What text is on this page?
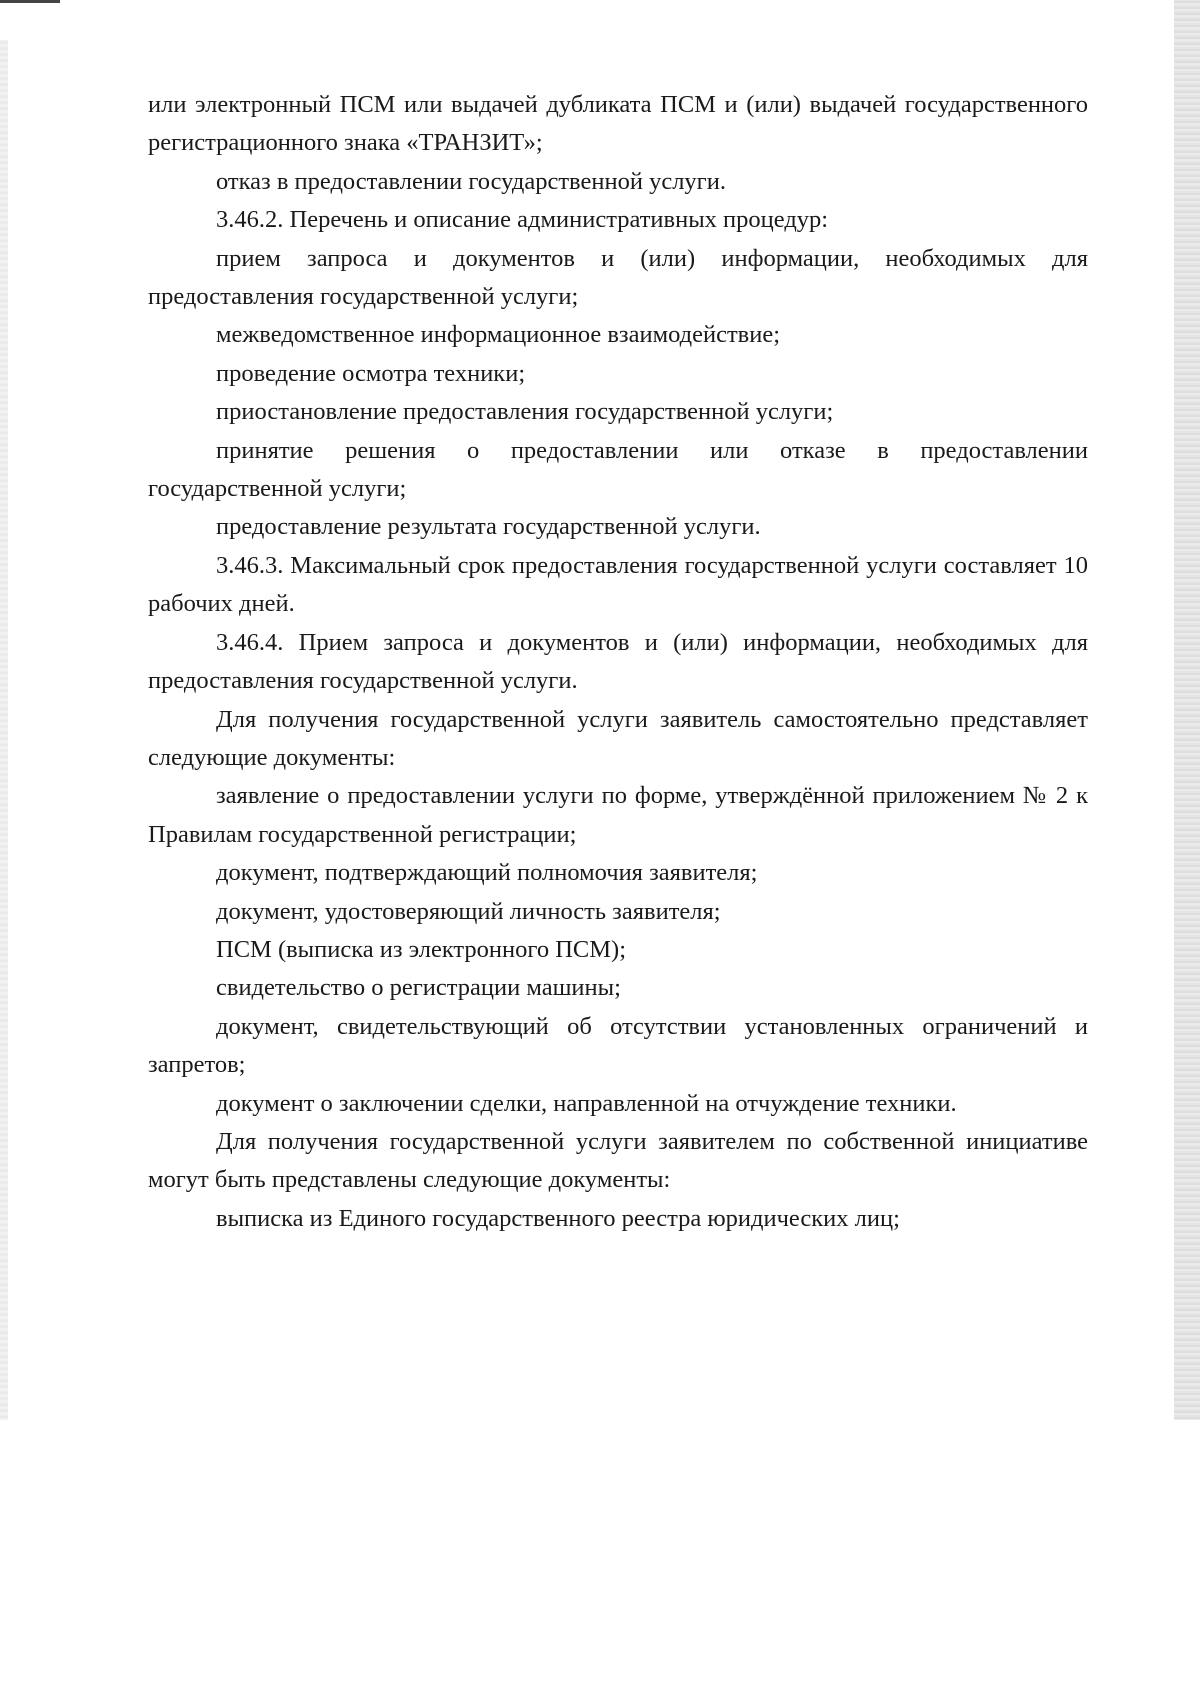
или электронный ПСМ или выдачей дубликата ПСМ и (или) выдачей государственного регистрационного знака «ТРАНЗИТ»;

отказ в предоставлении государственной услуги.

3.46.2. Перечень и описание административных процедур:

прием запроса и документов и (или) информации, необходимых для предоставления государственной услуги;

межведомственное информационное взаимодействие;

проведение осмотра техники;

приостановление предоставления государственной услуги;

принятие решения о предоставлении или отказе в предоставлении государственной услуги;

предоставление результата государственной услуги.

3.46.3. Максимальный срок предоставления государственной услуги составляет 10 рабочих дней.

3.46.4. Прием запроса и документов и (или) информации, необходимых для предоставления государственной услуги.

Для получения государственной услуги заявитель самостоятельно представляет следующие документы:

заявление о предоставлении услуги по форме, утверждённой приложением № 2 к Правилам государственной регистрации;

документ, подтверждающий полномочия заявителя;

документ, удостоверяющий личность заявителя;

ПСМ (выписка из электронного ПСМ);

свидетельство о регистрации машины;

документ, свидетельствующий об отсутствии установленных ограничений и запретов;

документ о заключении сделки, направленной на отчуждение техники.

Для получения государственной услуги заявителем по собственной инициативе могут быть представлены следующие документы:

выписка из Единого государственного реестра юридических лиц;
